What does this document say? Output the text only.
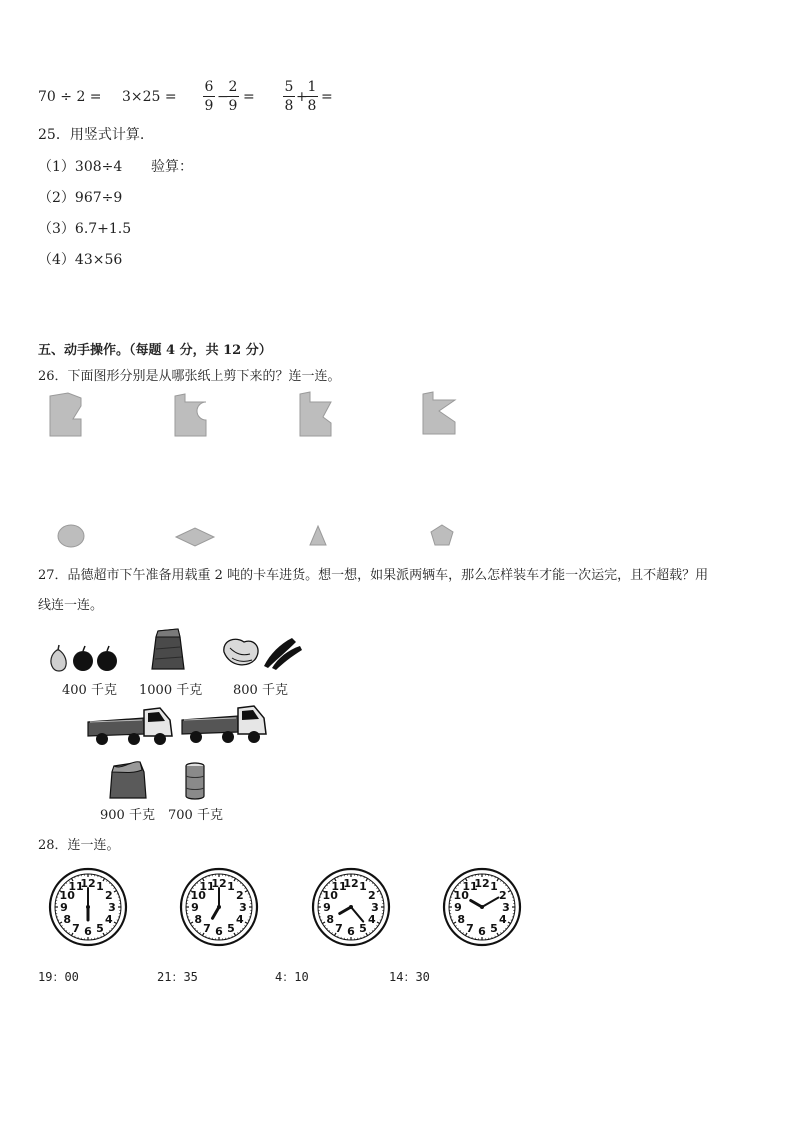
70 ÷ 2 = 3×25 =
6
9
−
2
9
=
5
8
+
1
8
=
25．用竖式计算.
（1）308÷4 验算：
（2）967÷9
（3）6.7+1.5
（4）43×56
五、动手操作。（每题 4 分，共 12 分）
26．下面图形分别是从哪张纸上剪下来的？连一连。
27．品德超市下午准备用载重 2 吨的卡车进货。想一想，如果派两辆车，那么怎样装车才能一次运完，且不超载？用
线连一连。
400 千克 1000 千克 800 千克
900 千克 700 千克
28．连一连。
12 1
2
3
4
5
6
7
8
9
10
11	12 1
2
3
4
5
6
7
8
9
10
11	12 1
2
3
4
5
6
7
8
9
10
11	12 1
2
3
4
5
6
7
8
9
10
11
19：00	21：35	4：10	14：30
